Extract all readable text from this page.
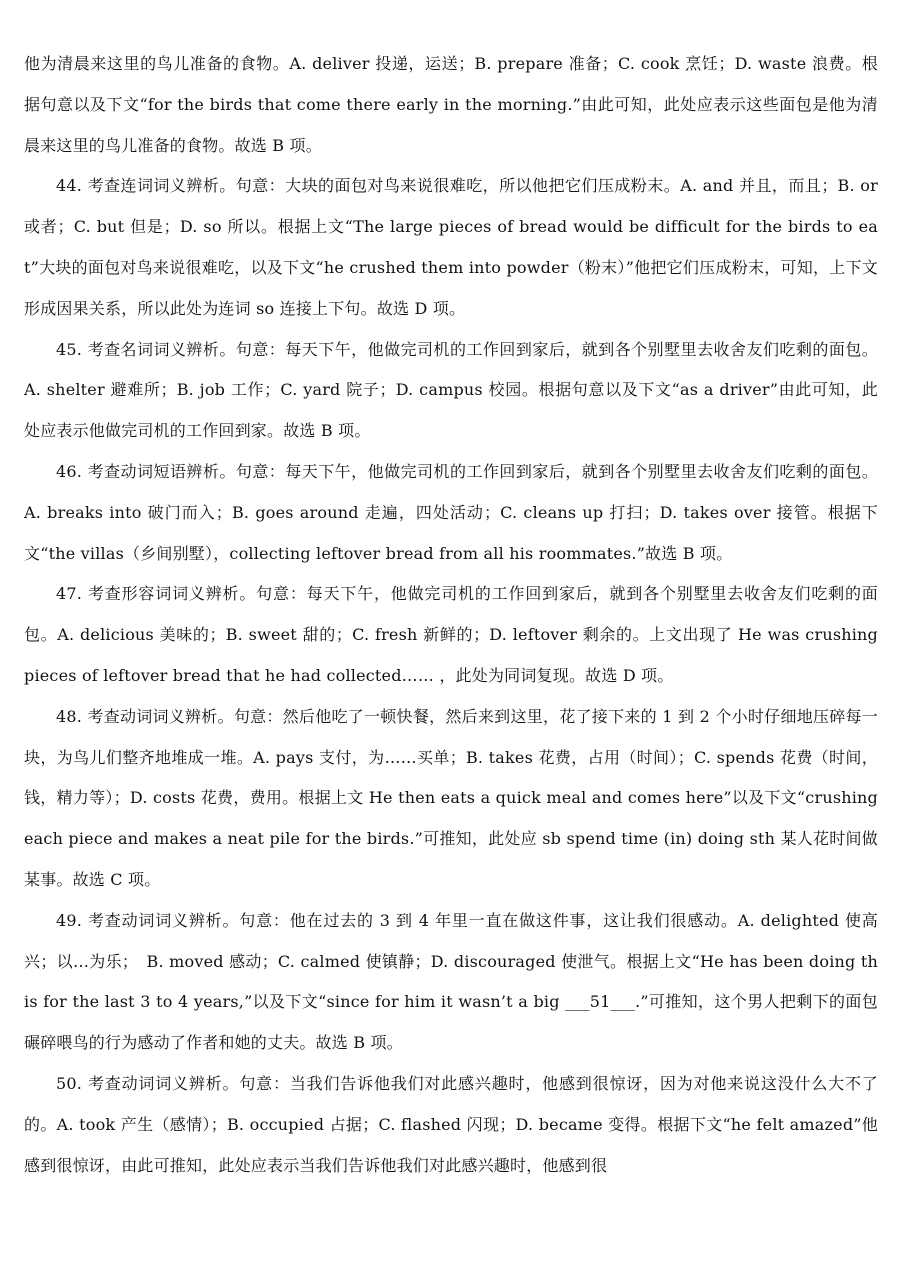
他为清晨来这里的鸟儿准备的食物。A. deliver 投递，运送；B. prepare 准备；C. cook 烹饪；D. waste 浪费。根据句意以及下文“for the birds that come there early in the morning.”由此可知，此处应表示这些面包是他为清晨来这里的鸟儿准备的食物。故选 B 项。

44. 考查连词词义辨析。句意：大块的面包对鸟来说很难吃，所以他把它们压成粉末。A. and 并且，而且；B. or 或者；C. but 但是；D. so 所以。根据上文“The large pieces of bread would be difficult for the birds to eat”大块的面包对鸟来说很难吃，以及下文“he crushed them into powder（粉末）”他把它们压成粉末，可知，上下文形成因果关系，所以此处为连词 so 连接上下句。故选 D 项。

45. 考查名词词义辨析。句意：每天下午，他做完司机的工作回到家后，就到各个别墅里去收舍友们吃剩的面包。A. shelter 避难所；B. job 工作；C. yard 院子；D. campus 校园。根据句意以及下文“as a driver”由此可知，此处应表示他做完司机的工作回到家。故选 B 项。

46. 考查动词短语辨析。句意：每天下午，他做完司机的工作回到家后，就到各个别墅里去收舍友们吃剩的面包。A. breaks into 破门而入；B. goes around 走遍，四处活动；C. cleans up 打扫；D. takes over 接管。根据下文“the villas（乡间别墅），collecting leftover bread from all his roommates.”故选 B 项。

47. 考查形容词词义辨析。句意：每天下午，他做完司机的工作回到家后，就到各个别墅里去收舍友们吃剩的面包。A. delicious 美味的；B. sweet 甜的；C. fresh 新鲜的；D. leftover 剩余的。上文出现了 He was crushing pieces of leftover bread that he had collected…… ，此处为同词复现。故选 D 项。

48. 考查动词词义辨析。句意：然后他吃了一顿快餐，然后来到这里，花了接下来的 1 到 2 个小时仔细地压碎每一块，为鸟儿们整齐地堆成一堆。A. pays 支付，为……买单；B. takes 花费，占用（时间）；C. spends 花费（时间，钱，精力等）；D. costs 花费，费用。根据上文 He then eats a quick meal and comes here”以及下文“crushing each piece and makes a neat pile for the birds.”可推知，此处应 sb spend time (in) doing sth 某人花时间做某事。故选 C 项。

49. 考查动词词义辨析。句意：他在过去的 3 到 4 年里一直在做这件事，这让我们很感动。A. delighted 使高兴；以…为乐；　B. moved 感动；C. calmed 使镇静；D. discouraged 使泄气。根据上文“He has been doing this for the last 3 to 4 years,”以及下文“since for him it wasn’t a big ___51___.”可推知，这个男人把剩下的面包碾碎喂鸟的行为感动了作者和她的丈夫。故选 B 项。

50. 考查动词词义辨析。句意：当我们告诉他我们对此感兴趣时，他感到很惊讶，因为对他来说这没什么大不了的。A. took 产生（感情）；B. occupied 占据；C. flashed 闪现；D. became 变得。根据下文“he felt amazed”他感到很惊讶，由此可推知，此处应表示当我们告诉他我们对此感兴趣时，他感到很
